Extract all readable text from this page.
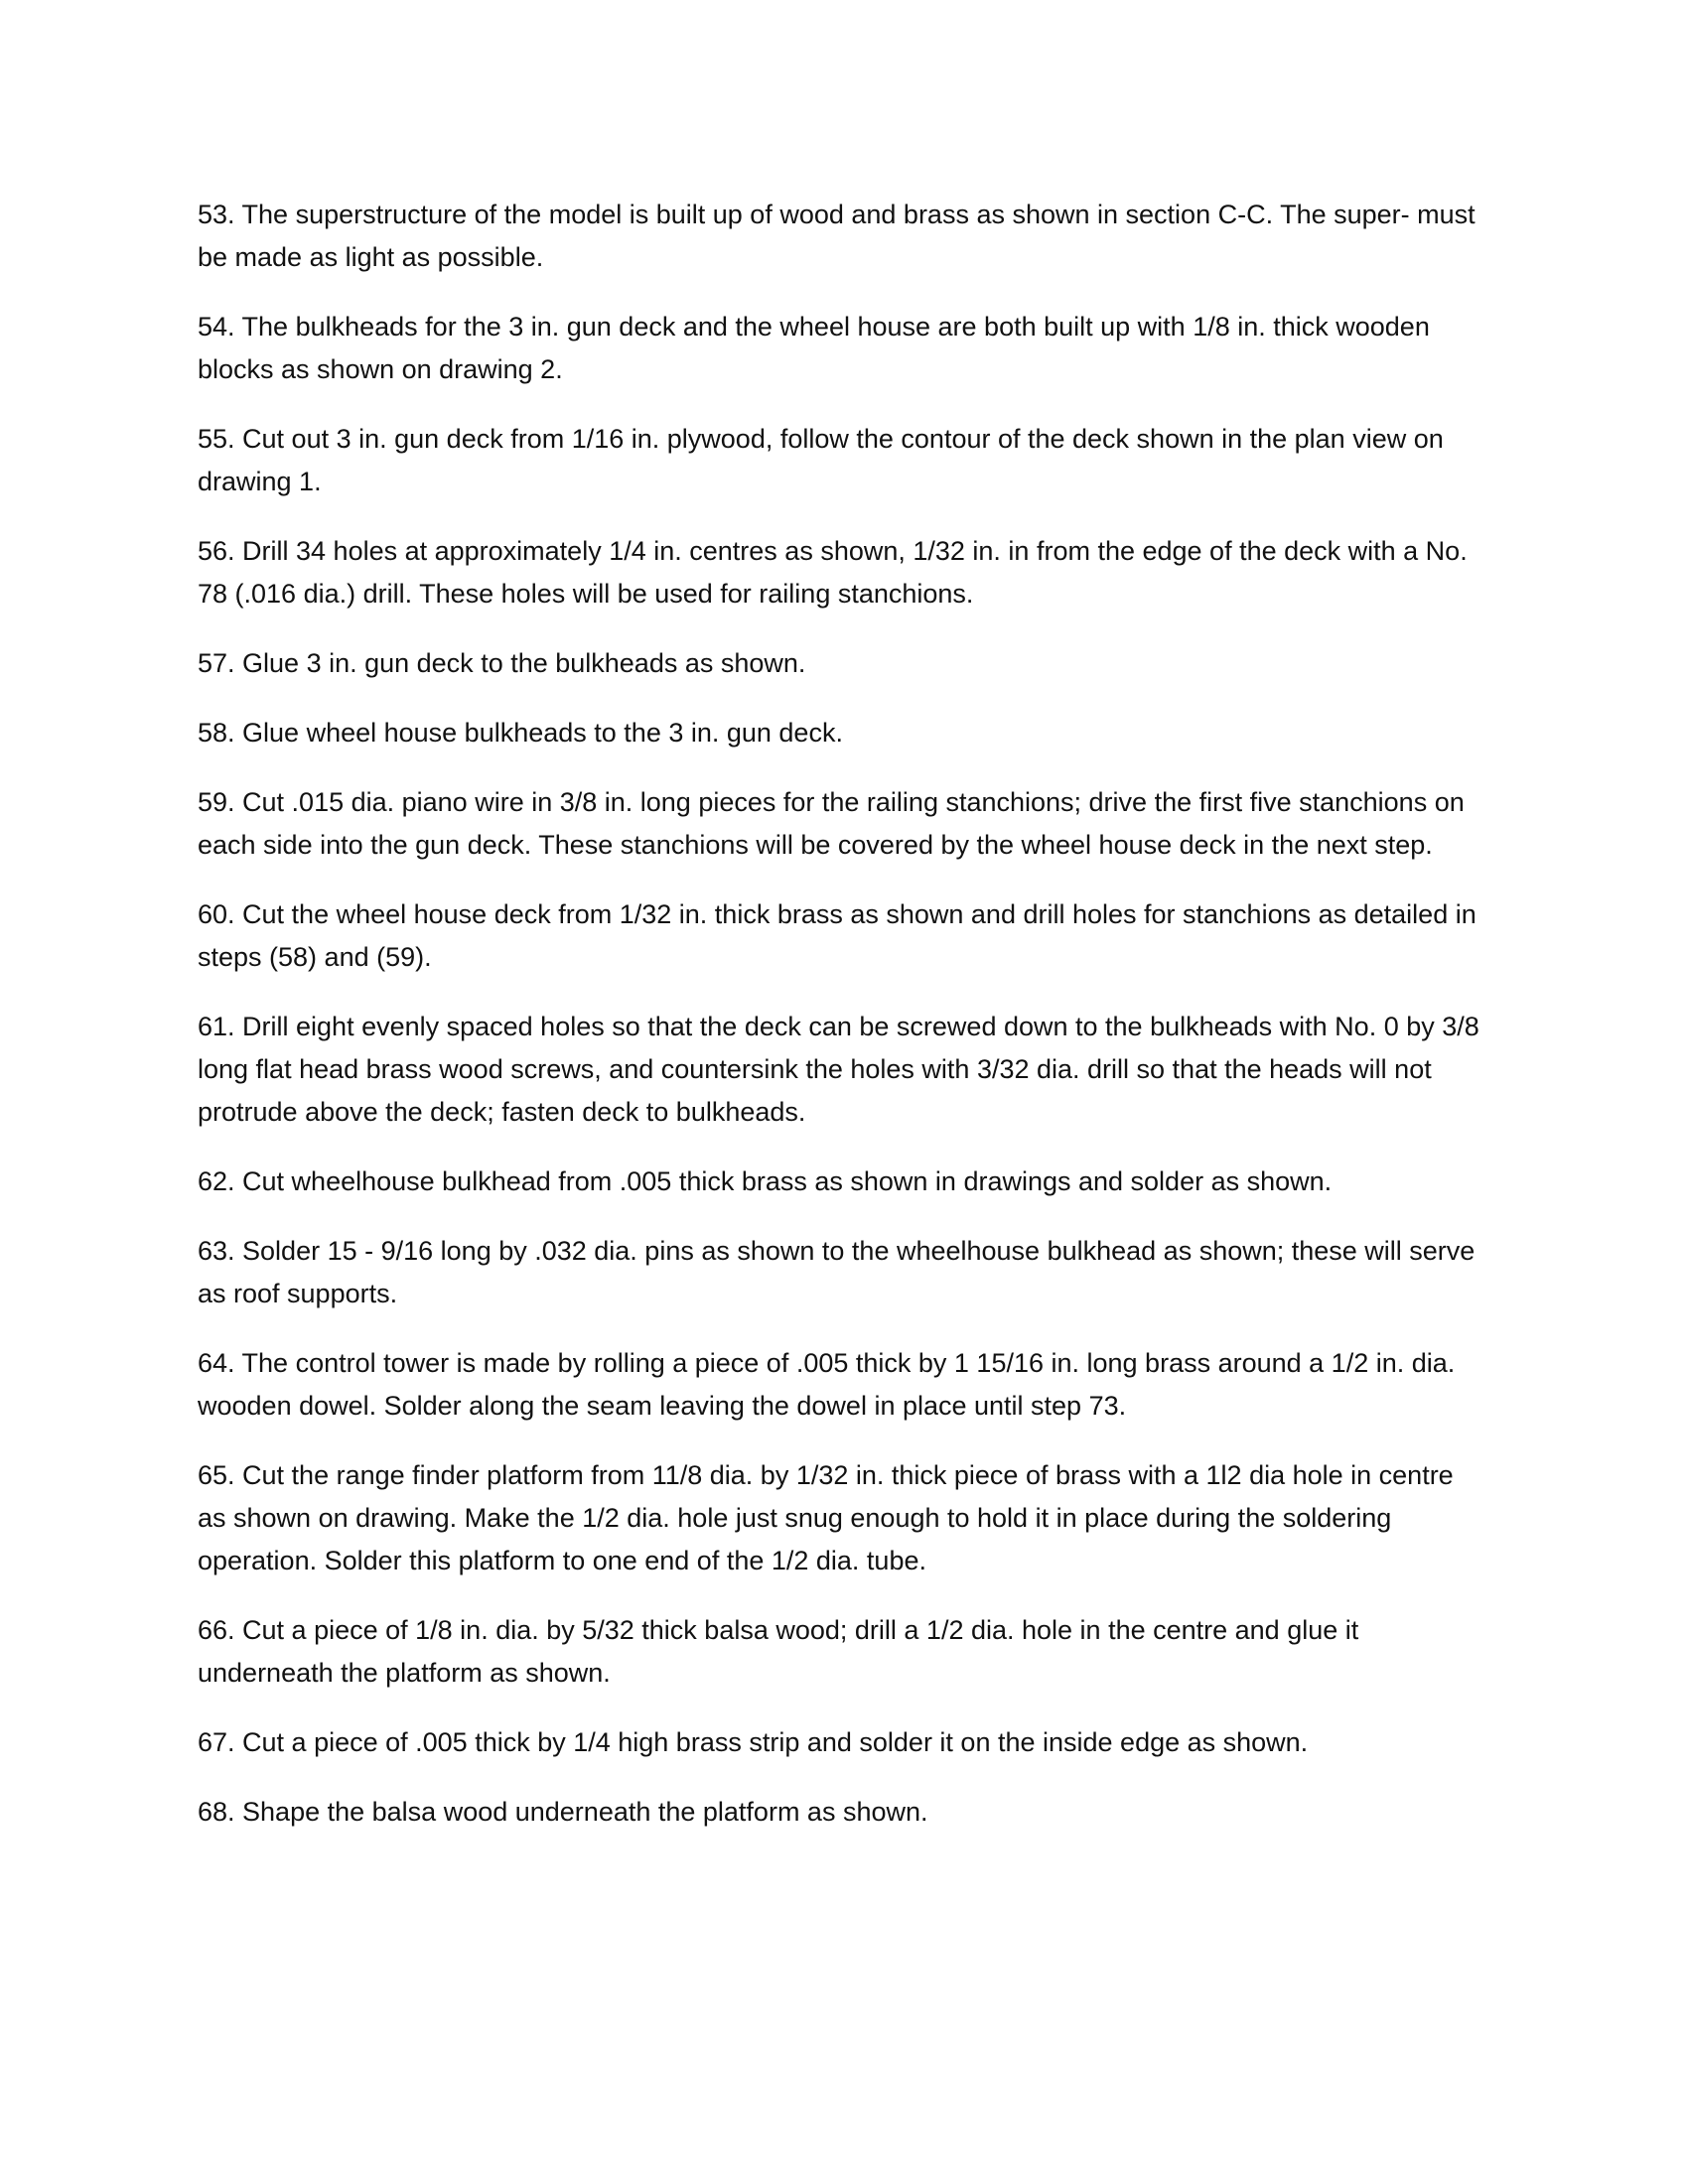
53. The superstructure of the model is built up of wood and brass as shown in section C-C. The super- must be made as light as possible.

54. The bulkheads for the 3 in. gun deck and the wheel house are both built up with 1/8 in. thick wooden blocks as shown on drawing 2.

55. Cut out 3 in. gun deck from 1/16 in. plywood, follow the contour of the deck shown in the plan view on drawing 1.

56. Drill 34 holes at approximately 1/4 in. centres as shown, 1/32 in. in from the edge of the deck with a No. 78 (.016 dia.) drill. These holes will be used for railing stanchions.

57. Glue 3 in. gun deck to the bulkheads as shown.

58. Glue wheel house bulkheads to the 3 in. gun deck.

59. Cut .015 dia. piano wire in 3/8 in. long pieces for the railing stanchions; drive the first five stanchions on each side into the gun deck. These stanchions will be covered by the wheel house deck in the next step.

60. Cut the wheel house deck from 1/32 in. thick brass as shown and drill holes for stanchions as detailed in steps (58) and (59).

61. Drill eight evenly spaced holes so that the deck can be screwed down to the bulkheads with No. 0 by 3/8 long flat head brass wood screws, and countersink the holes with 3/32 dia. drill so that the heads will not protrude above the deck; fasten deck to bulkheads.

62. Cut wheelhouse bulkhead from .005 thick brass as shown in drawings and solder as shown.

63. Solder 15 - 9/16 long by .032 dia. pins as shown to the wheelhouse bulkhead as shown; these will serve as roof supports.

64. The control tower is made by rolling a piece of .005 thick by 1 15/16 in. long brass around a 1/2 in. dia. wooden dowel. Solder along the seam leaving the dowel in place until step 73.

65. Cut the range finder platform from 11/8 dia. by 1/32 in. thick piece of brass with a 1l2 dia hole in centre as shown on drawing. Make the 1/2 dia. hole just snug enough to hold it in place during the soldering operation. Solder this platform to one end of the 1/2 dia. tube.

66. Cut a piece of 1/8 in. dia. by 5/32 thick balsa wood; drill a 1/2 dia. hole in the centre and glue it underneath the platform as shown.

67. Cut a piece of .005 thick by 1/4 high brass strip and solder it on the inside edge as shown.

68. Shape the balsa wood underneath the platform as shown.
